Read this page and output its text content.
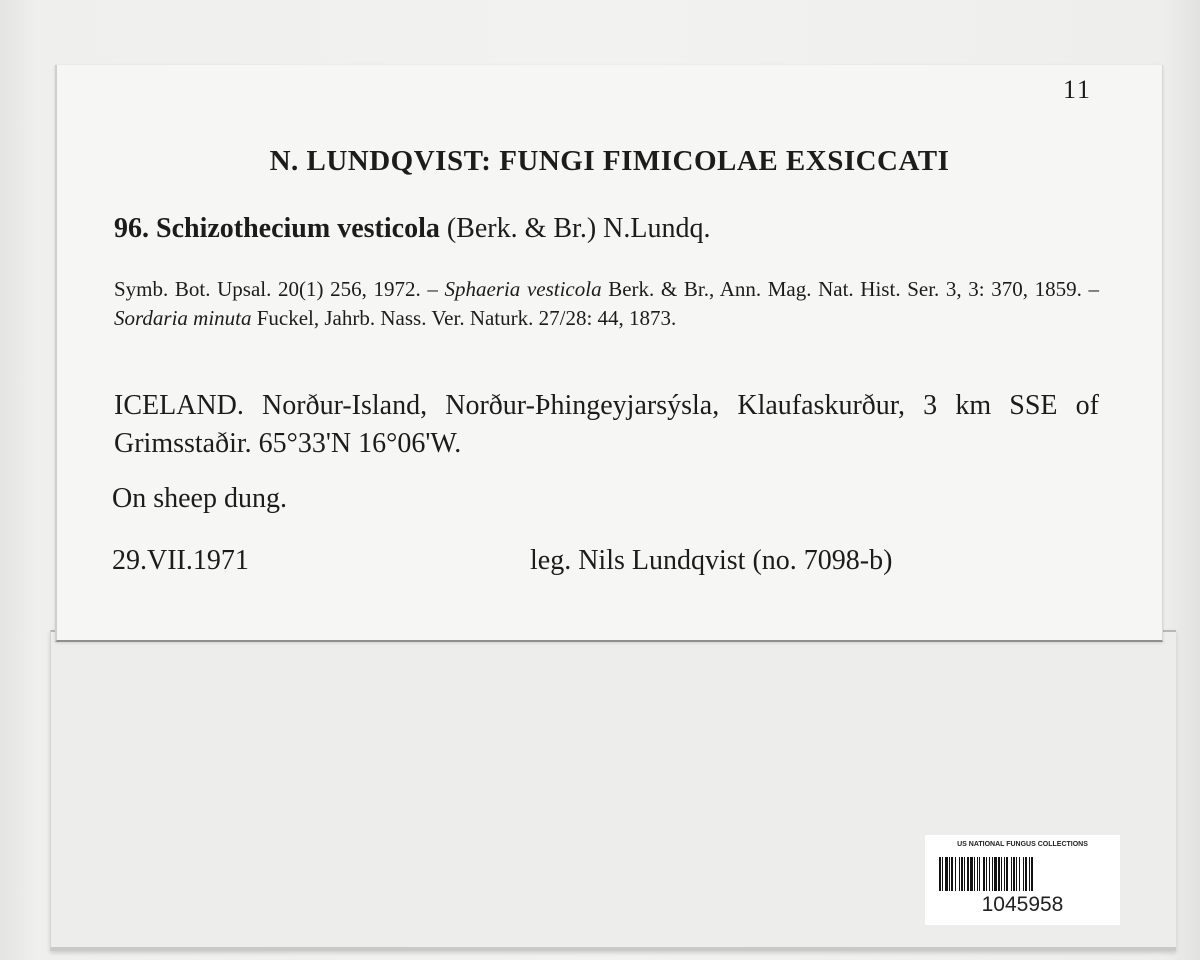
11
N. LUNDQVIST: FUNGI FIMICOLAE EXSICCATI
96. Schizothecium vesticola (Berk. & Br.) N.Lundq.
Symb. Bot. Upsal. 20(1) 256, 1972. – Sphaeria vesticola Berk. & Br., Ann. Mag. Nat. Hist. Ser. 3, 3: 370, 1859. – Sordaria minuta Fuckel, Jahrb. Nass. Ver. Naturk. 27/28: 44, 1873.
ICELAND. Norður-Island, Norður-Þhingeyjarsýsla, Klaufaskurður, 3 km SSE of Grimsstaðir. 65°33'N 16°06'W.
On sheep dung.
29.VII.1971	leg. Nils Lundqvist (no. 7098-b)
US NATIONAL FUNGUS COLLECTIONS
1045958
